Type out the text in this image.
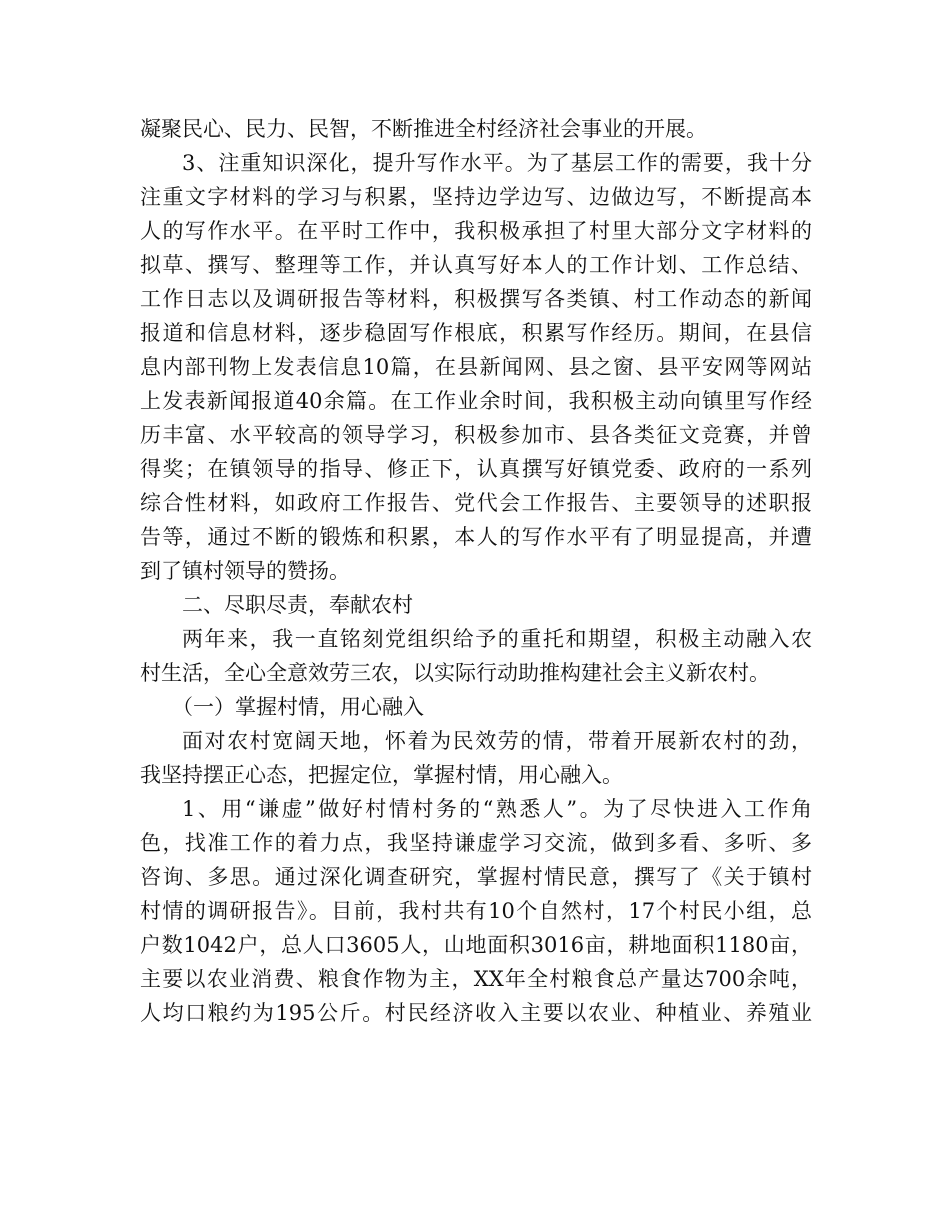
凝聚民心、民力、民智，不断推进全村经济社会事业的开展。
3、注重知识深化，提升写作水平。为了基层工作的需要，我十分
注重文字材料的学习与积累，坚持边学边写、边做边写，不断提高本
人的写作水平。在平时工作中，我积极承担了村里大部分文字材料的
拟草、撰写、整理等工作，并认真写好本人的工作计划、工作总结、
工作日志以及调研报告等材料，积极撰写各类镇、村工作动态的新闻
报道和信息材料，逐步稳固写作根底，积累写作经历。期间，在县信
息内部刊物上发表信息10篇，在县新闻网、县之窗、县平安网等网站
上发表新闻报道40余篇。在工作业余时间，我积极主动向镇里写作经
历丰富、水平较高的领导学习，积极参加市、县各类征文竞赛，并曾
得奖；在镇领导的指导、修正下，认真撰写好镇党委、政府的一系列
综合性材料，如政府工作报告、党代会工作报告、主要领导的述职报
告等，通过不断的锻炼和积累，本人的写作水平有了明显提高，并遭
到了镇村领导的赞扬。
二、尽职尽责，奉献农村
两年来，我一直铭刻党组织给予的重托和期望，积极主动融入农
村生活，全心全意效劳三农，以实际行动助推构建社会主义新农村。
（一）掌握村情，用心融入
面对农村宽阔天地，怀着为民效劳的情，带着开展新农村的劲，
我坚持摆正心态，把握定位，掌握村情，用心融入。
1、用“谦虚”做好村情村务的“熟悉人”。为了尽快进入工作角
色，找准工作的着力点，我坚持谦虚学习交流，做到多看、多听、多
咨询、多思。通过深化调查研究，掌握村情民意，撰写了《关于镇村
村情的调研报告》。目前，我村共有10个自然村，17个村民小组，总
户数1042户，总人口3605人，山地面积3016亩，耕地面积1180亩，
主要以农业消费、粮食作物为主，XX年全村粮食总产量达700余吨，
人均口粮约为195公斤。村民经济收入主要以农业、种植业、养殖业
